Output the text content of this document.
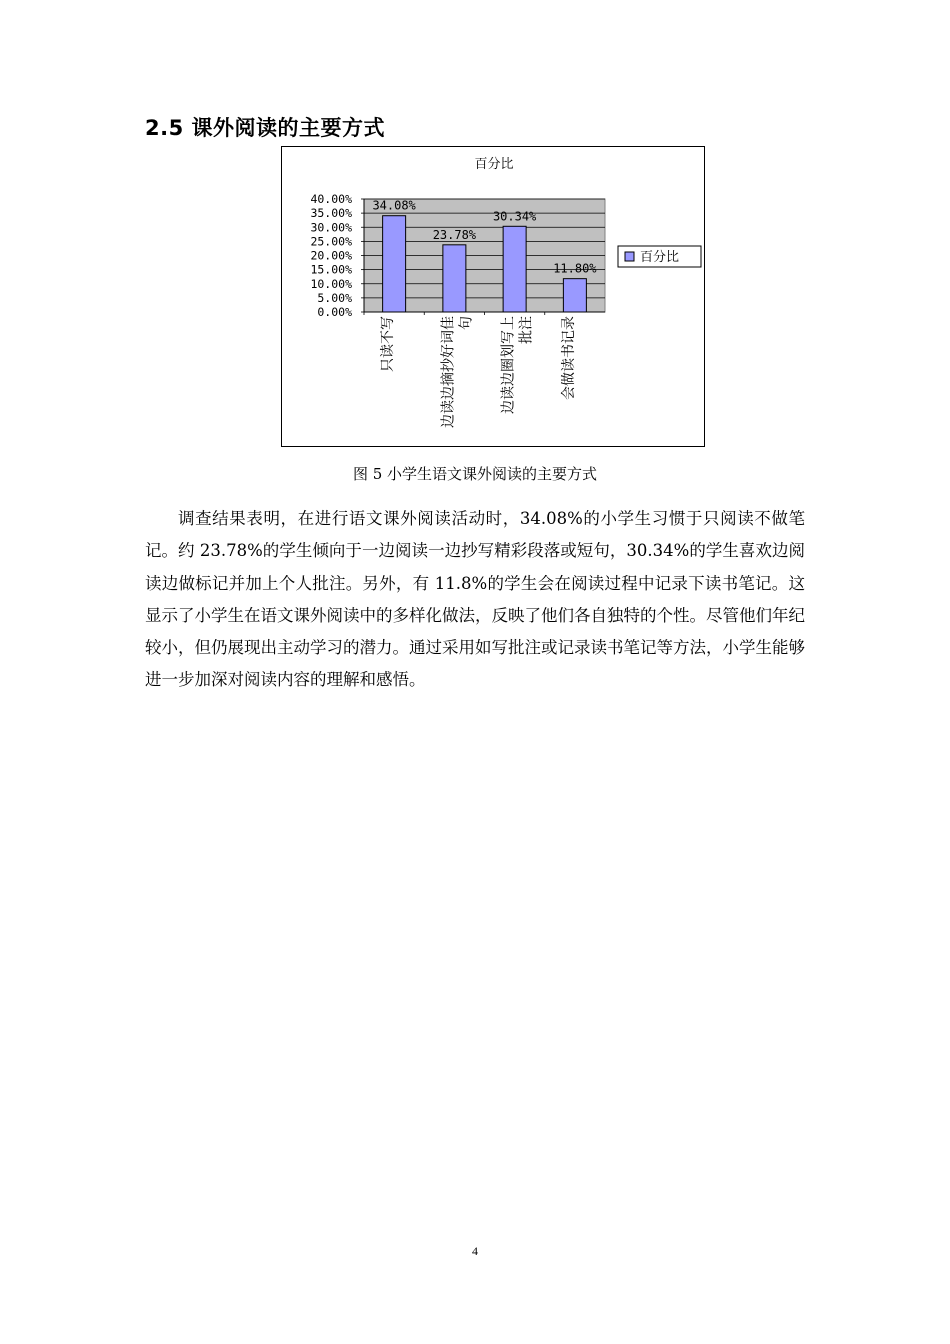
2.5 课外阅读的主要方式
百分比
0.00%
5.00%
10.00%
15.00%
20.00%
25.00%
30.00%
35.00%
40.00% 34.08%
只读不写
23.78%
边读边摘抄好词佳 句
30.34%
边读边圈划写上 批注
11.80%
会做读书记录
百分比
图 5 小学生语文课外阅读的主要方式

调查结果表明，在进行语文课外阅读活动时，34.08%的小学生习惯于只阅读不做笔记。约 23.78%的学生倾向于一边阅读一边抄写精彩段落或短句，30.34%的学生喜欢边阅读边做标记并加上个人批注。另外，有 11.8%的学生会在阅读过程中记录下读书笔记。这显示了小学生在语文课外阅读中的多样化做法，反映了他们各自独特的个性。尽管他们年纪较小，但仍展现出主动学习的潜力。通过采用如写批注或记录读书笔记等方法，小学生能够进一步加深对阅读内容的理解和感悟。

4
